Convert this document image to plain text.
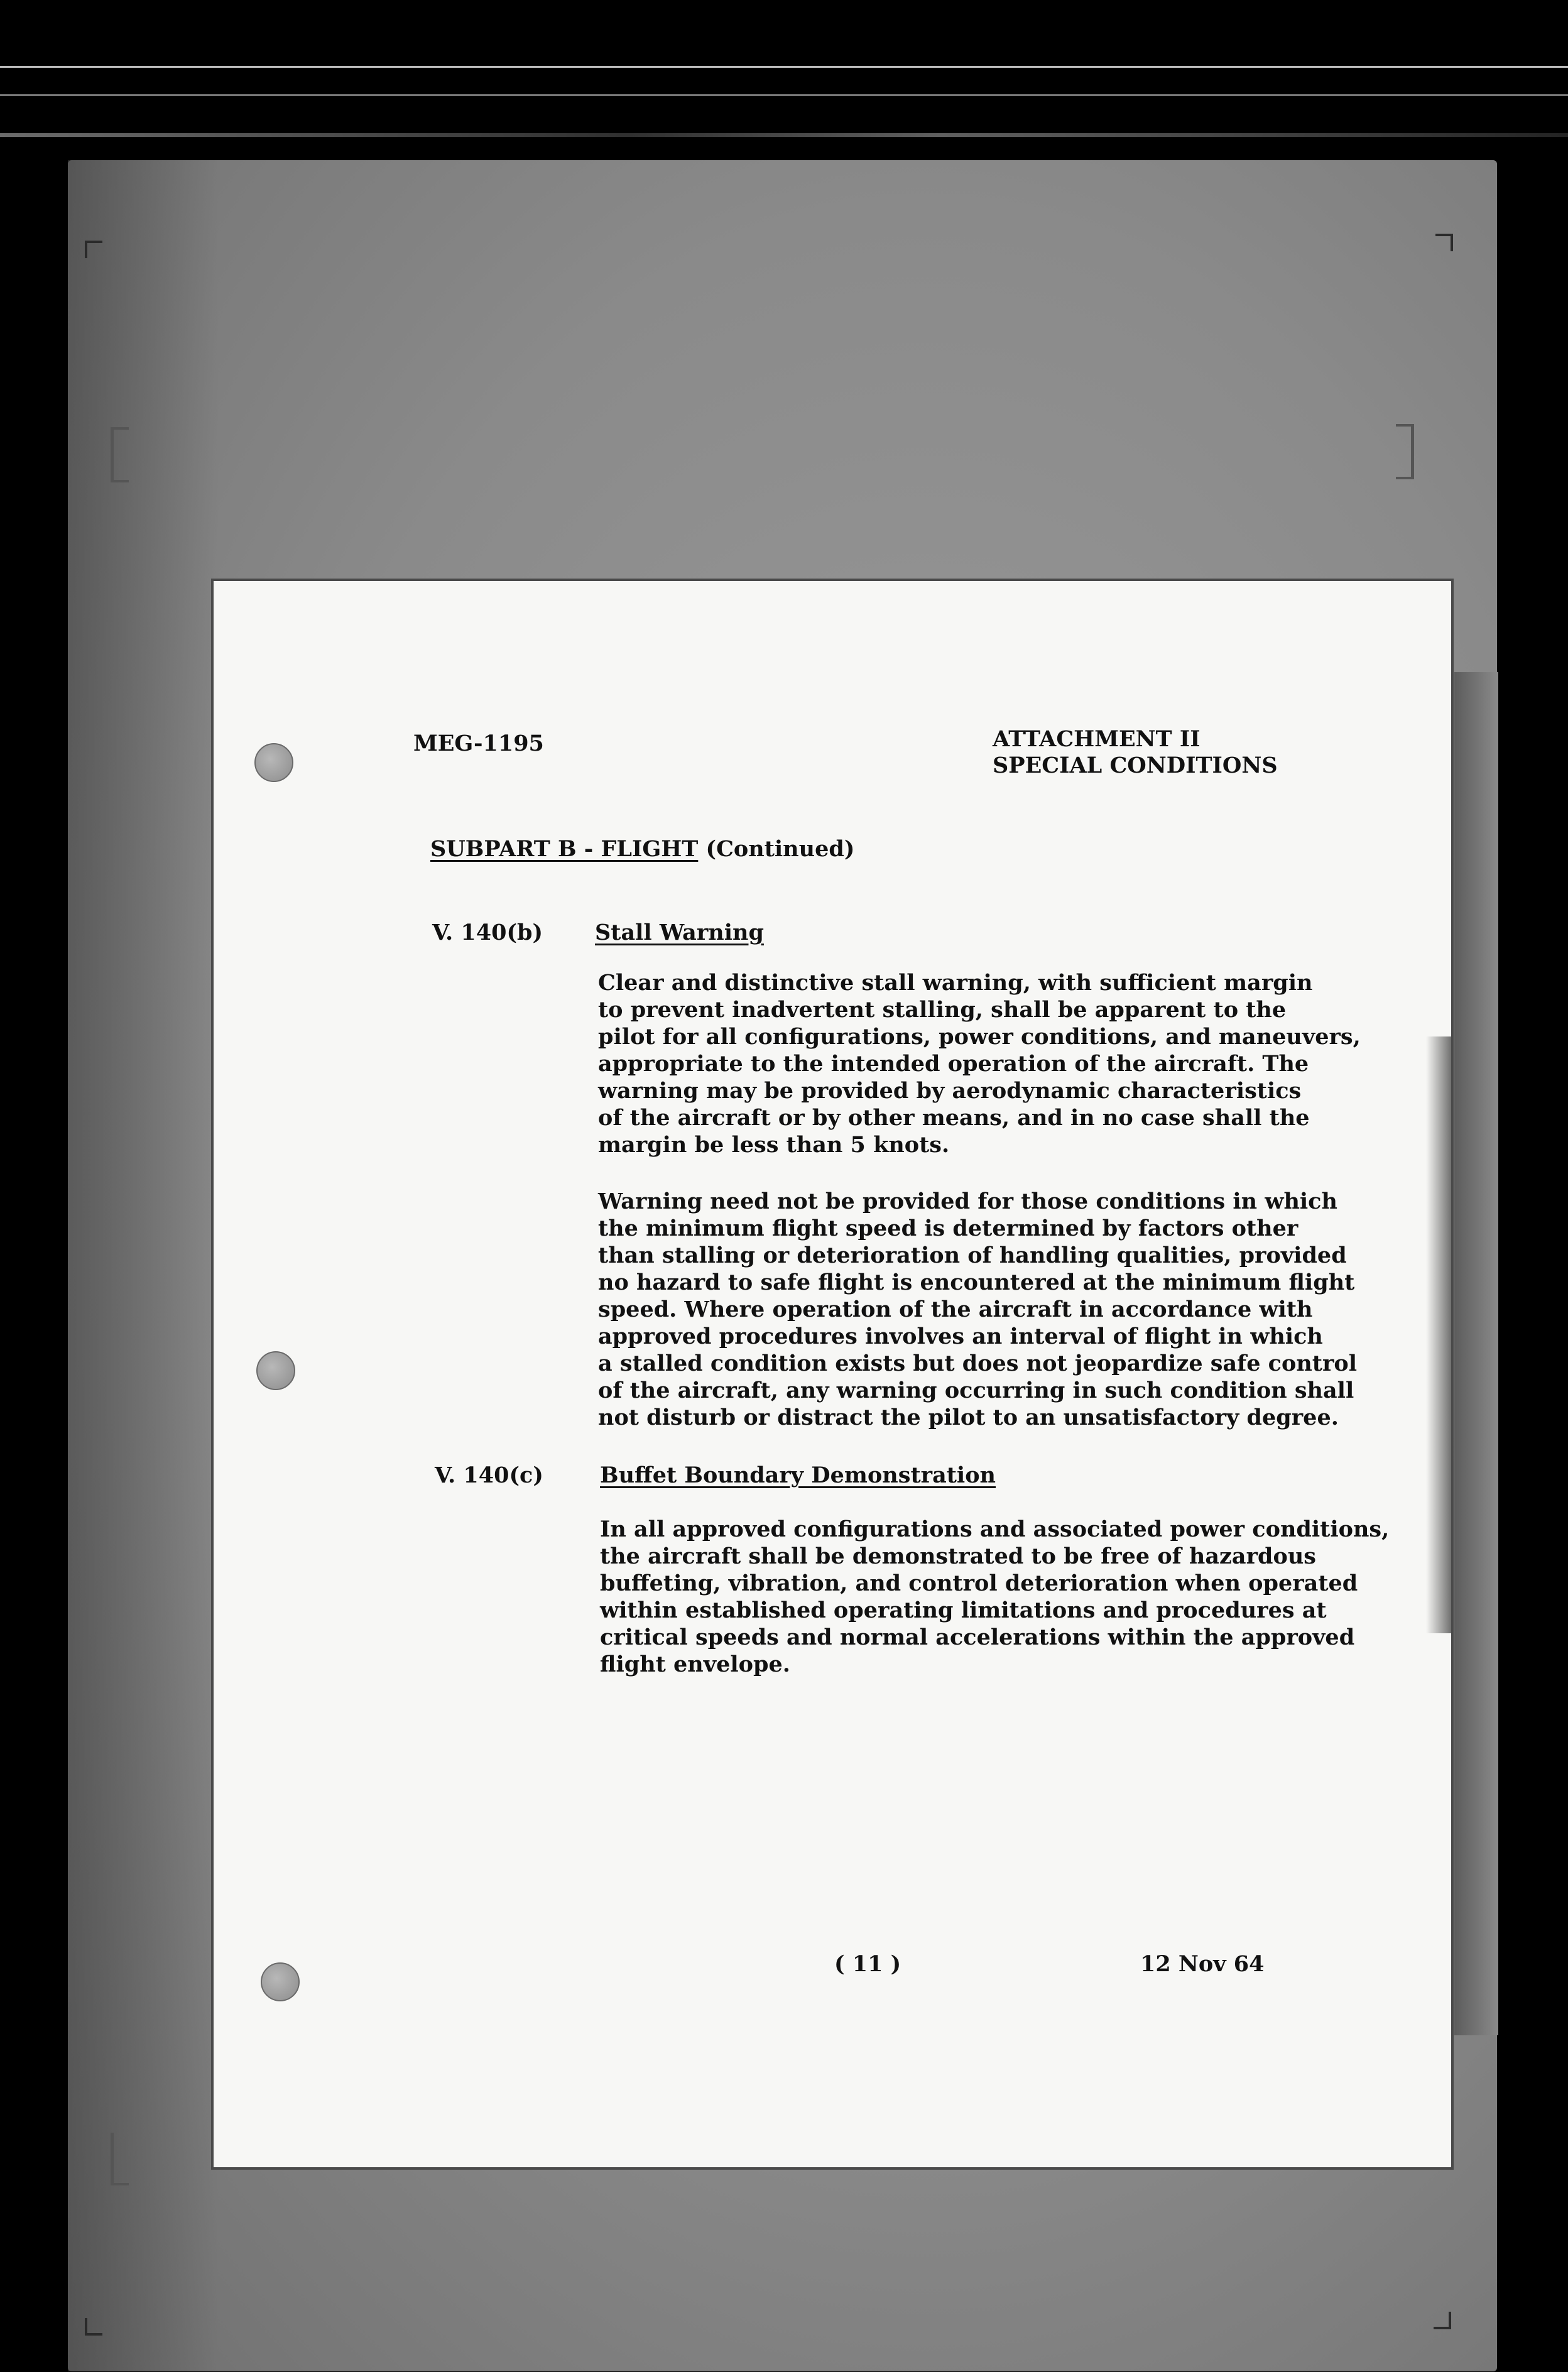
MEG-1195	ATTACHMENT II
SPECIAL CONDITIONS
SUBPART B - FLIGHT (Continued)
V. 140(b) Stall Warning

Clear and distinctive stall warning, with sufficient margin

to prevent inadvertent stalling, shall be apparent to the

pilot for all configurations, power conditions, and maneuvers,

appropriate to the intended operation of the aircraft. The

warning may be provided by aerodynamic characteristics

of the aircraft or by other means, and in no case shall the

margin be less than 5 knots.

Warning need not be provided for those conditions in which

the minimum flight speed is determined by factors other

than stalling or deterioration of handling qualities, provided

no hazard to safe flight is encountered at the minimum flight

speed. Where operation of the aircraft in accordance with

approved procedures involves an interval of flight in which

a stalled condition exists but does not jeopardize safe control

of the aircraft, any warning occurring in such condition shall

not disturb or distract the pilot to an unsatisfactory degree.

V. 140(c)	Buffet Boundary Demonstration

In all approved configurations and associated power conditions,

the aircraft shall be demonstrated to be free of hazardous

buffeting, vibration, and control deterioration when operated

within established operating limitations and procedures at

critical speeds and normal accelerations within the approved

flight envelope.

( 11 )	12 Nov 64
